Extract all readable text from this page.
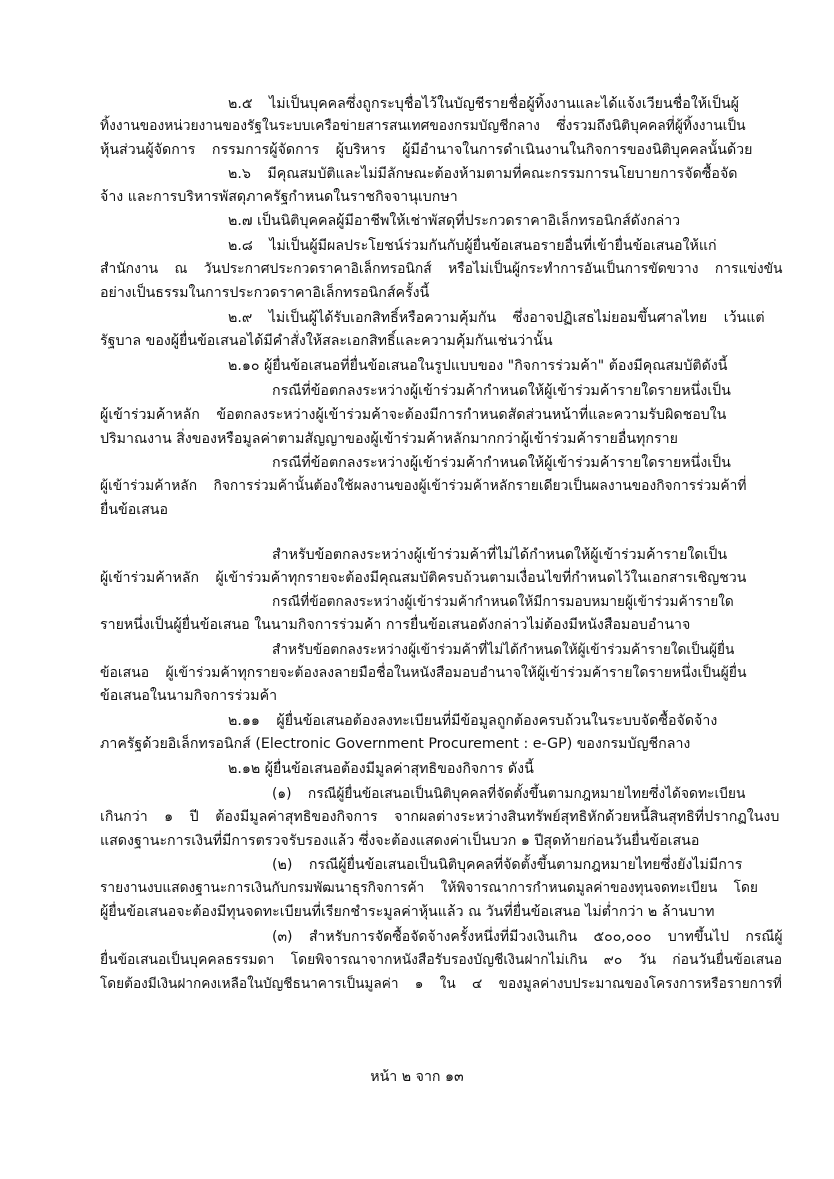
๒.๕ ไม่เป็นบุคคลซึ่งถูกระบุชื่อไว้ในบัญชีรายชื่อผู้ทิ้งงานและได้แจ้งเวียนชื่อให้เป็นผู้
ทิ้งงานของหน่วยงานของรัฐในระบบเครือข่ายสารสนเทศของกรมบัญชีกลาง ซึ่งรวมถึงนิติบุคคลที่ผู้ทิ้งงานเป็น
หุ้นส่วนผู้จัดการ กรรมการผู้จัดการ ผู้บริหาร ผู้มีอำนาจในการดำเนินงานในกิจการของนิติบุคคลนั้นด้วย
๒.๖ มีคุณสมบัติและไม่มีลักษณะต้องห้ามตามที่คณะกรรมการนโยบายการจัดซื้อจัด
จ้าง และการบริหารพัสดุภาครัฐกำหนดในราชกิจจานุเบกษา
๒.๗ เป็นนิติบุคคลผู้มีอาชีพให้เช่าพัสดุที่ประกวดราคาอิเล็กทรอนิกส์ดังกล่าว
๒.๘ ไม่เป็นผู้มีผลประโยชน์ร่วมกันกับผู้ยื่นข้อเสนอรายอื่นที่เข้ายื่นข้อเสนอให้แก่
สำนักงาน ณ วันประกาศประกวดราคาอิเล็กทรอนิกส์ หรือไม่เป็นผู้กระทำการอันเป็นการขัดขวาง การแข่งขัน
อย่างเป็นธรรมในการประกวดราคาอิเล็กทรอนิกส์ครั้งนี้
๒.๙ ไม่เป็นผู้ได้รับเอกสิทธิ์หรือความคุ้มกัน ซึ่งอาจปฏิเสธไม่ยอมขึ้นศาลไทย เว้นแต่
รัฐบาล ของผู้ยื่นข้อเสนอได้มีคำสั่งให้สละเอกสิทธิ์และความคุ้มกันเช่นว่านั้น
๒.๑๐ ผู้ยื่นข้อเสนอที่ยื่นข้อเสนอในรูปแบบของ "กิจการร่วมค้า" ต้องมีคุณสมบัติดังนี้
กรณีที่ข้อตกลงระหว่างผู้เข้าร่วมค้ากำหนดให้ผู้เข้าร่วมค้ารายใดรายหนึ่งเป็น
ผู้เข้าร่วมค้าหลัก ข้อตกลงระหว่างผู้เข้าร่วมค้าจะต้องมีการกำหนดสัดส่วนหน้าที่และความรับผิดชอบใน
ปริมาณงาน สิ่งของหรือมูลค่าตามสัญญาของผู้เข้าร่วมค้าหลักมากกว่าผู้เข้าร่วมค้ารายอื่นทุกราย
กรณีที่ข้อตกลงระหว่างผู้เข้าร่วมค้ากำหนดให้ผู้เข้าร่วมค้ารายใดรายหนึ่งเป็น
ผู้เข้าร่วมค้าหลัก กิจการร่วมค้านั้นต้องใช้ผลงานของผู้เข้าร่วมค้าหลักรายเดียวเป็นผลงานของกิจการร่วมค้าที่
ยื่นข้อเสนอ
สำหรับข้อตกลงระหว่างผู้เข้าร่วมค้าที่ไม่ได้กำหนดให้ผู้เข้าร่วมค้ารายใดเป็น
ผู้เข้าร่วมค้าหลัก ผู้เข้าร่วมค้าทุกรายจะต้องมีคุณสมบัติครบถ้วนตามเงื่อนไขที่กำหนดไว้ในเอกสารเชิญชวน
กรณีที่ข้อตกลงระหว่างผู้เข้าร่วมค้ากำหนดให้มีการมอบหมายผู้เข้าร่วมค้ารายใด
รายหนึ่งเป็นผู้ยื่นข้อเสนอ ในนามกิจการร่วมค้า การยื่นข้อเสนอดังกล่าวไม่ต้องมีหนังสือมอบอำนาจ
สำหรับข้อตกลงระหว่างผู้เข้าร่วมค้าที่ไม่ได้กำหนดให้ผู้เข้าร่วมค้ารายใดเป็นผู้ยื่น
ข้อเสนอ ผู้เข้าร่วมค้าทุกรายจะต้องลงลายมือชื่อในหนังสือมอบอำนาจให้ผู้เข้าร่วมค้ารายใดรายหนึ่งเป็นผู้ยื่น
ข้อเสนอในนามกิจการร่วมค้า
๒.๑๑ ผู้ยื่นข้อเสนอต้องลงทะเบียนที่มีข้อมูลถูกต้องครบถ้วนในระบบจัดซื้อจัดจ้าง
ภาครัฐด้วยอิเล็กทรอนิกส์ (Electronic Government Procurement : e-GP) ของกรมบัญชีกลาง
๒.๑๒ ผู้ยื่นข้อเสนอต้องมีมูลค่าสุทธิของกิจการ ดังนี้
(๑) กรณีผู้ยื่นข้อเสนอเป็นนิติบุคคลที่จัดตั้งขึ้นตามกฎหมายไทยซึ่งได้จดทะเบียน
เกินกว่า ๑ ปี ต้องมีมูลค่าสุทธิของกิจการ จากผลต่างระหว่างสินทรัพย์สุทธิหักด้วยหนี้สินสุทธิที่ปรากฏในงบ
แสดงฐานะการเงินที่มีการตรวจรับรองแล้ว ซึ่งจะต้องแสดงค่าเป็นบวก ๑ ปีสุดท้ายก่อนวันยื่นข้อเสนอ
(๒) กรณีผู้ยื่นข้อเสนอเป็นนิติบุคคลที่จัดตั้งขึ้นตามกฎหมายไทยซึ่งยังไม่มีการ
รายงานงบแสดงฐานะการเงินกับกรมพัฒนาธุรกิจการค้า ให้พิจารณาการกำหนดมูลค่าของทุนจดทะเบียน โดย
ผู้ยื่นข้อเสนอจะต้องมีทุนจดทะเบียนที่เรียกชำระมูลค่าหุ้นแล้ว ณ วันที่ยื่นข้อเสนอ ไม่ต่ำกว่า ๒ ล้านบาท
(๓) สำหรับการจัดซื้อจัดจ้างครั้งหนึ่งที่มีวงเงินเกิน ๕๐๐,๐๐๐ บาทขึ้นไป กรณีผู้
ยื่นข้อเสนอเป็นบุคคลธรรมดา โดยพิจารณาจากหนังสือรับรองบัญชีเงินฝากไม่เกิน ๙๐ วัน ก่อนวันยื่นข้อเสนอ
โดยต้องมีเงินฝากคงเหลือในบัญชีธนาคารเป็นมูลค่า ๑ ใน ๔ ของมูลค่างบประมาณของโครงการหรือรายการที่
หน้า ๒ จาก ๑๓
